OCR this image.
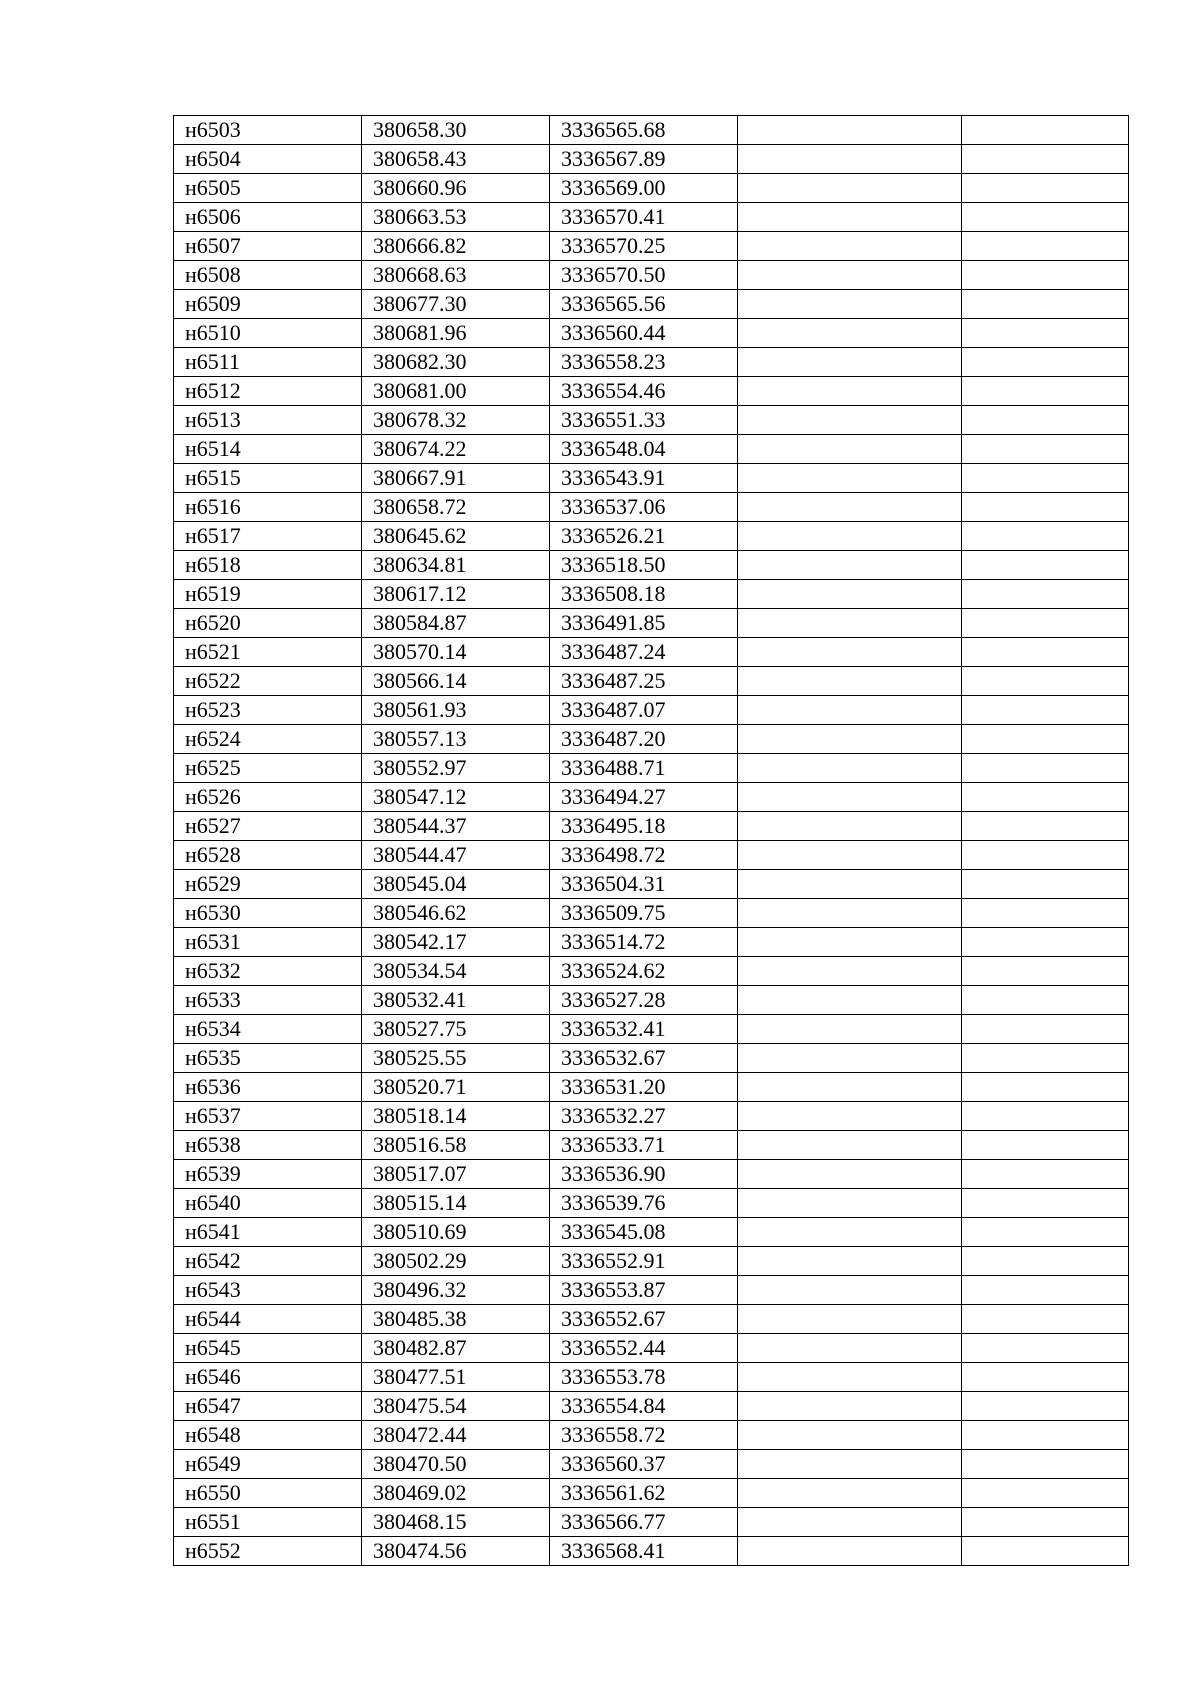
н6503	380658.30	3336565.68		
н6504	380658.43	3336567.89		
н6505	380660.96	3336569.00		
н6506	380663.53	3336570.41		
н6507	380666.82	3336570.25		
н6508	380668.63	3336570.50		
н6509	380677.30	3336565.56		
н6510	380681.96	3336560.44		
н6511	380682.30	3336558.23		
н6512	380681.00	3336554.46		
н6513	380678.32	3336551.33		
н6514	380674.22	3336548.04		
н6515	380667.91	3336543.91		
н6516	380658.72	3336537.06		
н6517	380645.62	3336526.21		
н6518	380634.81	3336518.50		
н6519	380617.12	3336508.18		
н6520	380584.87	3336491.85		
н6521	380570.14	3336487.24		
н6522	380566.14	3336487.25		
н6523	380561.93	3336487.07		
н6524	380557.13	3336487.20		
н6525	380552.97	3336488.71		
н6526	380547.12	3336494.27		
н6527	380544.37	3336495.18		
н6528	380544.47	3336498.72		
н6529	380545.04	3336504.31		
н6530	380546.62	3336509.75		
н6531	380542.17	3336514.72		
н6532	380534.54	3336524.62		
н6533	380532.41	3336527.28		
н6534	380527.75	3336532.41		
н6535	380525.55	3336532.67		
н6536	380520.71	3336531.20		
н6537	380518.14	3336532.27		
н6538	380516.58	3336533.71		
н6539	380517.07	3336536.90		
н6540	380515.14	3336539.76		
н6541	380510.69	3336545.08		
н6542	380502.29	3336552.91		
н6543	380496.32	3336553.87		
н6544	380485.38	3336552.67		
н6545	380482.87	3336552.44		
н6546	380477.51	3336553.78		
н6547	380475.54	3336554.84		
н6548	380472.44	3336558.72		
н6549	380470.50	3336560.37		
н6550	380469.02	3336561.62		
н6551	380468.15	3336566.77		
н6552	380474.56	3336568.41		
